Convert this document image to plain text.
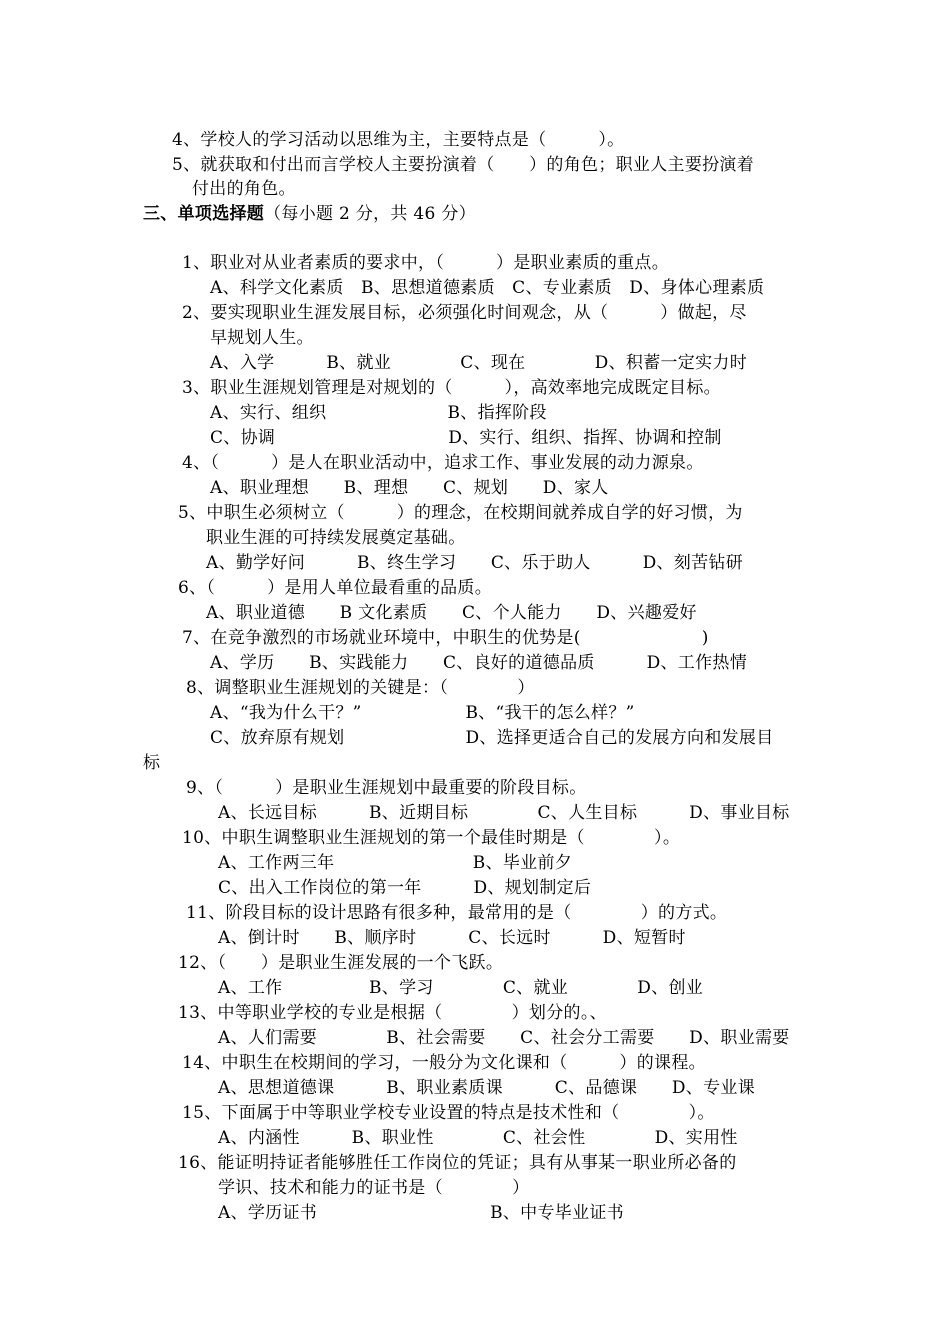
4、学校人的学习活动以思维为主，主要特点是（　　　）。
5、就获取和付出而言学校人主要扮演着（　　）的角色；职业人主要扮演着
付出的角色。
三、单项选择题（每小题 2 分，共 46 分）
1、职业对从业者素质的要求中，（　　　）是职业素质的重点。
A、科学文化素质　B、思想道德素质　C、专业素质　D、身体心理素质
2、要实现职业生涯发展目标，必须强化时间观念，从（　　　）做起，尽
早规划人生。
A、入学　　　B、就业　　　　C、现在　　　　D、积蓄一定实力时
3、职业生涯规划管理是对规划的（　　　），高效率地完成既定目标。
A、实行、组织　　　　　　　B、指挥阶段
C、协调　　　　　　　　　　D、实行、组织、指挥、协调和控制
4、（　　　）是人在职业活动中，追求工作、事业发展的动力源泉。
A、职业理想　　B、理想　　C、规划　　D、家人
5、中职生必须树立（　　　）的理念，在校期间就养成自学的好习惯，为
职业生涯的可持续发展奠定基础。
A、勤学好问　　　B、终生学习　　C、乐于助人　　　D、刻苦钻研
6、（　　　）是用人单位最看重的品质。
A、职业道德　　B 文化素质　　C、个人能力　　D、兴趣爱好
7、在竞争激烈的市场就业环境中，中职生的优势是(　　　　　　　)
A、学历　　B、实践能力　　C、良好的道德品质　　　D、工作热情
8、调整职业生涯规划的关键是：（　　　　）
A、“我为什么干？”　　　　　　B、“我干的怎么样？”
C、放弃原有规划　　　　　　　D、选择更适合自己的发展方向和发展目
标
9、（　　　）是职业生涯规划中最重要的阶段目标。
A、长远目标　　　B、近期目标　　　　C、人生目标　　　D、事业目标
10、中职生调整职业生涯规划的第一个最佳时期是（　　　　）。
A、工作两三年　　　　　　　　B、毕业前夕
C、出入工作岗位的第一年　　　D、规划制定后
11、阶段目标的设计思路有很多种，最常用的是（　　　　）的方式。
A、倒计时　　B、顺序时　　　C、长远时　　　D、短暂时
12、（　　）是职业生涯发展的一个飞跃。
A、工作　　　　　B、学习　　　　C、就业　　　　D、创业
13、中等职业学校的专业是根据（　　　　）划分的。、
A、人们需要　　　　B、社会需要　　C、社会分工需要　　D、职业需要
14、中职生在校期间的学习，一般分为文化课和（　　　）的课程。
A、思想道德课　　　B、职业素质课　　　C、品德课　　D、专业课
15、下面属于中等职业学校专业设置的特点是技术性和（　　　　）。
A、内涵性　　　B、职业性　　　　C、社会性　　　　D、实用性
16、能证明持证者能够胜任工作岗位的凭证；具有从事某一职业所必备的
学识、技术和能力的证书是（　　　　）
A、学历证书　　　　　　　　　　B、中专毕业证书
